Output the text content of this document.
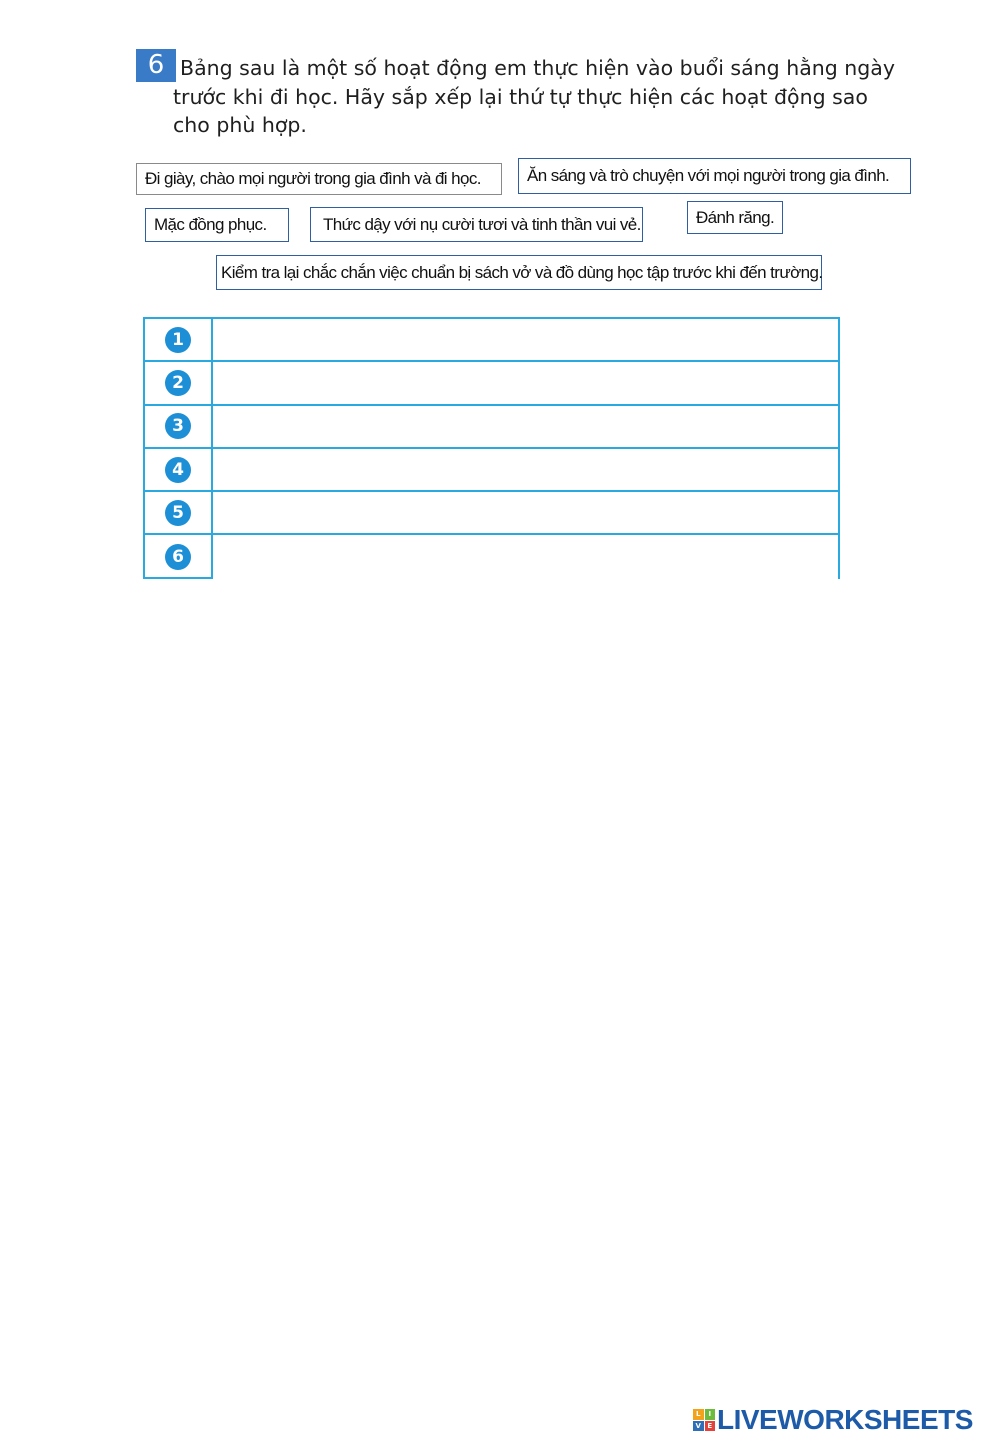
6 Bảng sau là một số hoạt động em thực hiện vào buổi sáng hằng ngày
trước khi đi học. Hãy sắp xếp lại thứ tự thực hiện các hoạt động sao
cho phù hợp.

Đi giày, chào mọi người trong gia đình và đi học.	Ăn sáng và trò chuyện với mọi người trong gia đình.
Mặc đồng phục.	Thức dậy với nụ cười tươi và tinh thần vui vẻ.	Đánh răng.
Kiểm tra lại chắc chắn việc chuẩn bị sách vở và đồ dùng học tập trước khi đến trường.
1
2
3
4
5
6
L	I
V E LIVEWORKSHEETS
